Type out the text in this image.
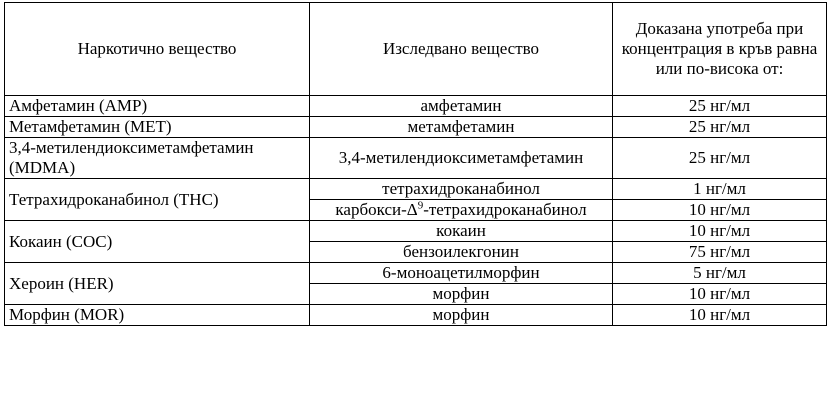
Наркотично вещество	Изследвано вещество	Доказана употреба при концентрация в кръв равна или по-висока от:
Амфетамин (AMP)	амфетамин	25 нг/мл
Метамфетамин (MET)	метамфетамин	25 нг/мл
3,4-метилендиоксиметамфетамин (MDMA)	3,4-метилендиоксиметамфетамин	25 нг/мл
Тетрахидроканабинол (THC)	тетрахидроканабинол	1 нг/мл
	карбокси-$\Delta^9$-тетрахидроканабинол	10 нг/мл
Кокаин (COC)	кокаин	10 нг/мл
	бензоилекгонин	75 нг/мл
Хероин (HER)	6-моноацетилморфин	5 нг/мл
	морфин	10 нг/мл
Морфин (MOR)	морфин	10 нг/мл
